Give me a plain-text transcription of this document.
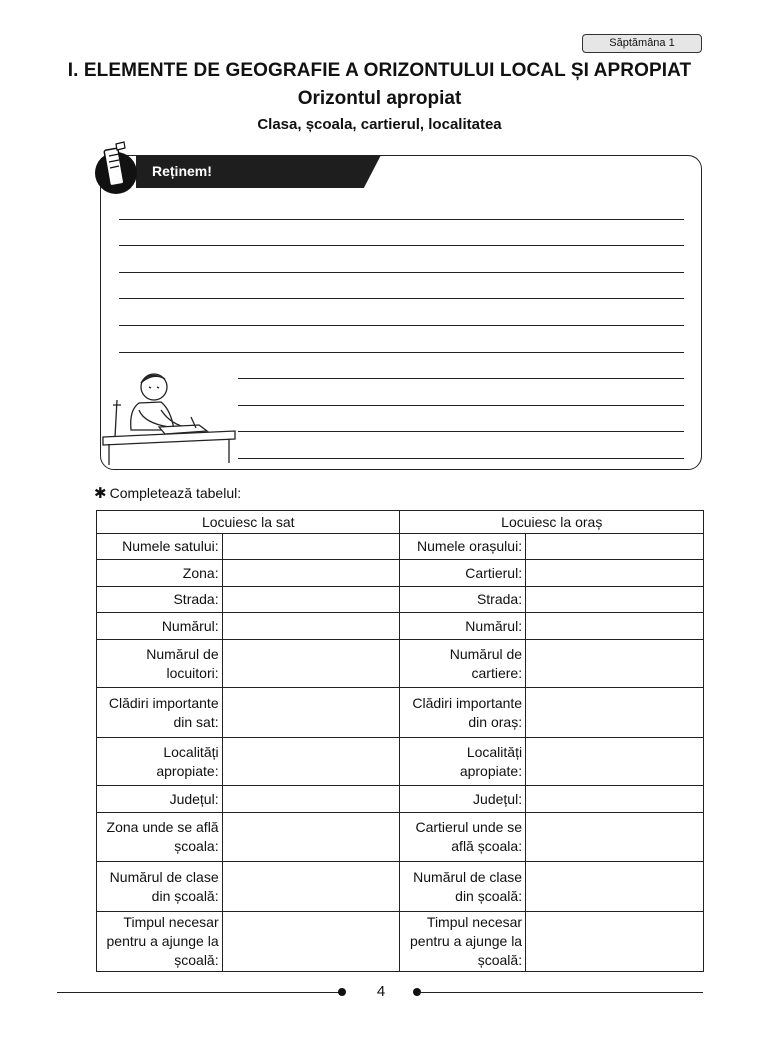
Săptămâna 1
I. ELEMENTE DE GEOGRAFIE A ORIZONTULUI LOCAL ȘI APROPIAT
Orizontul apropiat
Clasa, școala, cartierul, localitatea
Reținem!
✱ Completează tabelul:
Locuiesc la sat		Locuiesc la oraș	
Numele satului:		Numele orașului:	
Zona:		Cartierul:	
Strada:		Strada:	
Numărul:		Numărul:	
Numărul de locuitori:		Numărul de cartiere:	
Clădiri importante din sat:		Clădiri importante din oraș:	
Localități apropiate:		Localități apropiate:	
Județul:		Județul:	
Zona unde se află școala:		Cartierul unde se află școala:	
Numărul de clase din școală:		Numărul de clase din școală:	
Timpul necesar pentru a ajunge la școală:		Timpul necesar pentru a ajunge la școală:	
4
